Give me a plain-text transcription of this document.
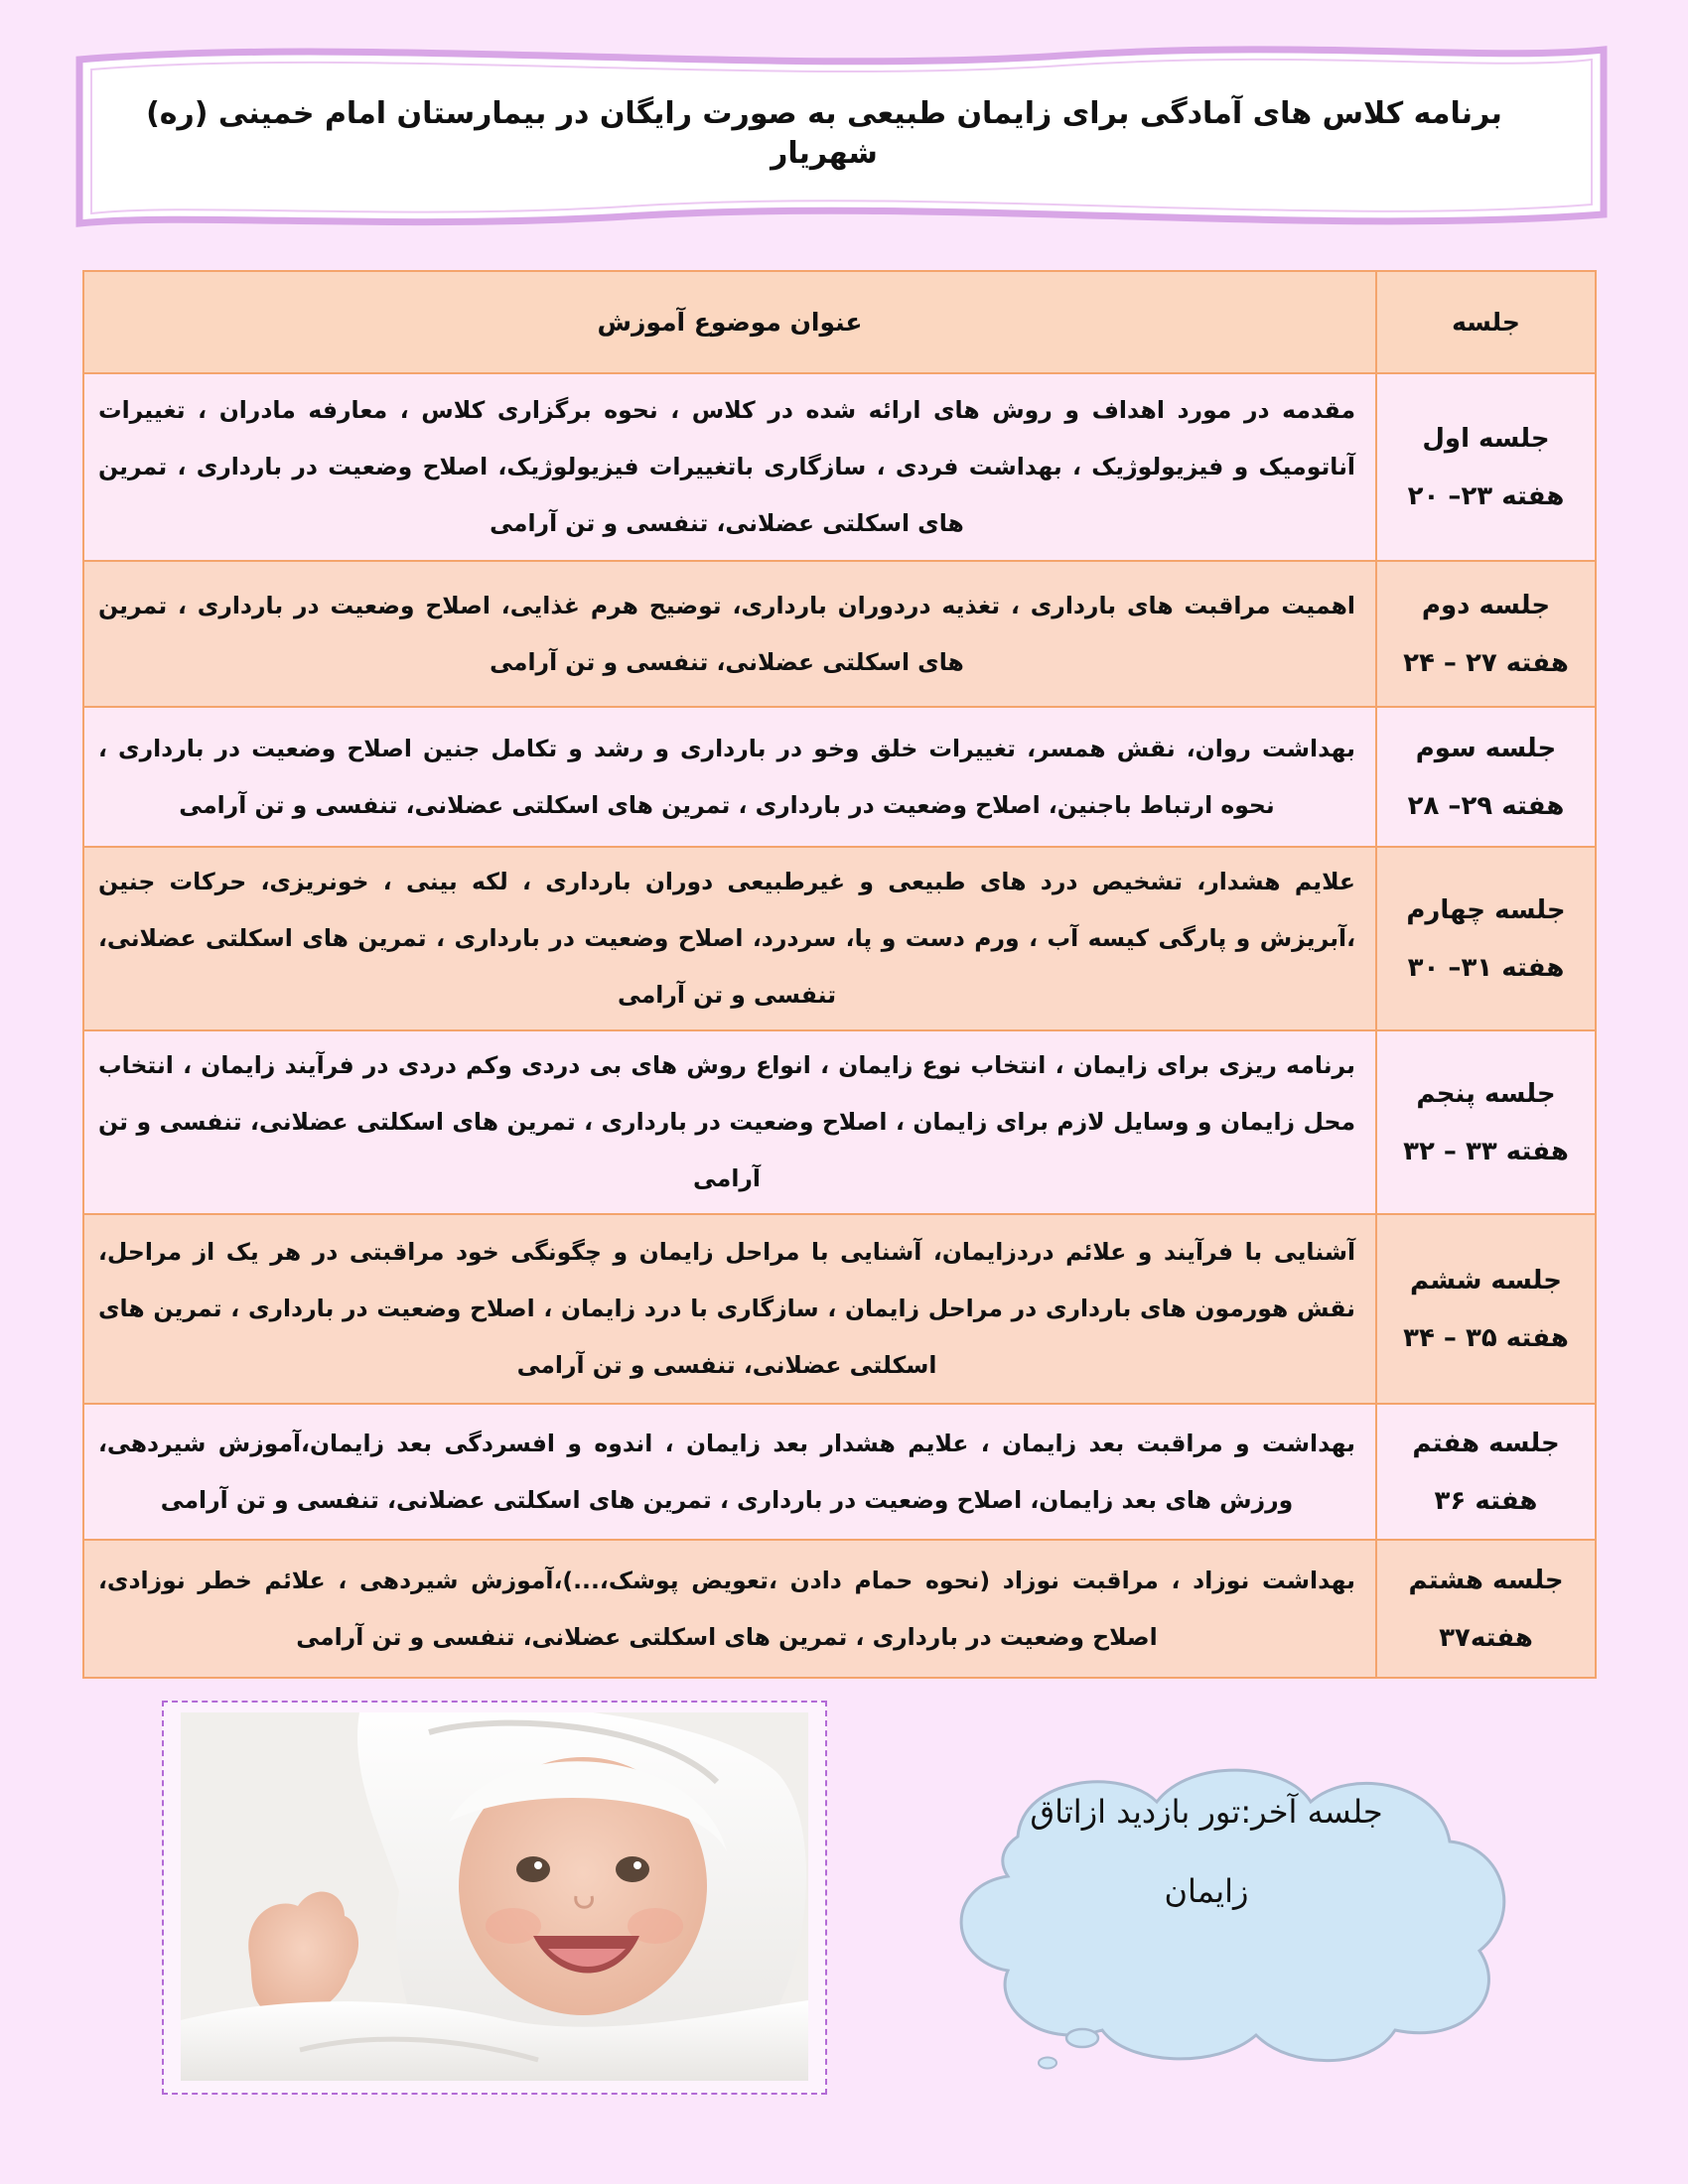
برنامه کلاس های آمادگی برای زایمان طبیعی به صورت رایگان در بیمارستان امام خمینی (ره) شهریار
جلسه	عنوان موضوع آموزش

جلسه اول
هفته ۲۳– ۲۰	مقدمه در مورد اهداف و روش های ارائه شده در کلاس ، نحوه برگزاری کلاس ، معارفه مادران ، تغییرات آناتومیک و فیزیولوژیک ، بهداشت فردی ، سازگاری باتغییرات فیزیولوژیک، اصلاح وضعیت در بارداری ، تمرین های اسکلتی عضلانی، تنفسی و تن آرامی

جلسه دوم
هفته ۲۷ – ۲۴	اهمیت مراقبت های بارداری ، تغذیه دردوران بارداری، توضیح هرم غذایی، اصلاح وضعیت در بارداری ، تمرین های اسکلتی عضلانی، تنفسی و تن آرامی

جلسه سوم
هفته ۲۹– ۲۸	بهداشت روان، نقش همسر، تغییرات خلق وخو در بارداری و رشد و تکامل جنین اصلاح وضعیت در بارداری ، نحوه ارتباط باجنین، اصلاح وضعیت در بارداری ، تمرین های اسکلتی عضلانی، تنفسی و تن آرامی

جلسه چهارم
هفته ۳۱– ۳۰	علایم هشدار، تشخیص درد های طبیعی و غیرطبیعی دوران بارداری ، لکه بینی ، خونریزی، حرکات جنین ،آبریزش و پارگی کیسه آب ، ورم دست و پا، سردرد، اصلاح وضعیت در بارداری ، تمرین های اسکلتی عضلانی، تنفسی و تن آرامی

جلسه پنجم
هفته ۳۳ – ۳۲	برنامه ریزی برای زایمان ، انتخاب نوع زایمان ، انواع روش های بی دردی وکم دردی در فرآیند زایمان ، انتخاب محل زایمان و وسایل لازم برای زایمان ، اصلاح وضعیت در بارداری ، تمرین های اسکلتی عضلانی، تنفسی و تن آرامی

جلسه ششم
هفته ۳۵ – ۳۴	آشنایی با فرآیند و علائم دردزایمان، آشنایی با مراحل زایمان و چگونگی خود مراقبتی در هر یک از مراحل، نقش هورمون های بارداری در مراحل زایمان ، سازگاری با درد زایمان ، اصلاح وضعیت در بارداری ، تمرین های اسکلتی عضلانی، تنفسی و تن آرامی

جلسه هفتم
هفته ۳۶	بهداشت و مراقبت بعد زایمان ، علایم هشدار بعد زایمان ، اندوه و افسردگی بعد زایمان،آموزش شیردهی، ورزش های بعد زایمان، اصلاح وضعیت در بارداری ، تمرین های اسکلتی عضلانی، تنفسی و تن آرامی

جلسه هشتم
هفته۳۷	بهداشت نوزاد ، مراقبت نوزاد (نحوه حمام دادن ،تعویض پوشک،...)،آموزش شیردهی ، علائم خطر نوزادی، اصلاح وضعیت در بارداری ، تمرین های اسکلتی عضلانی، تنفسی و تن آرامی
جلسه آخر:تور بازدید ازاتاق
زایمان
